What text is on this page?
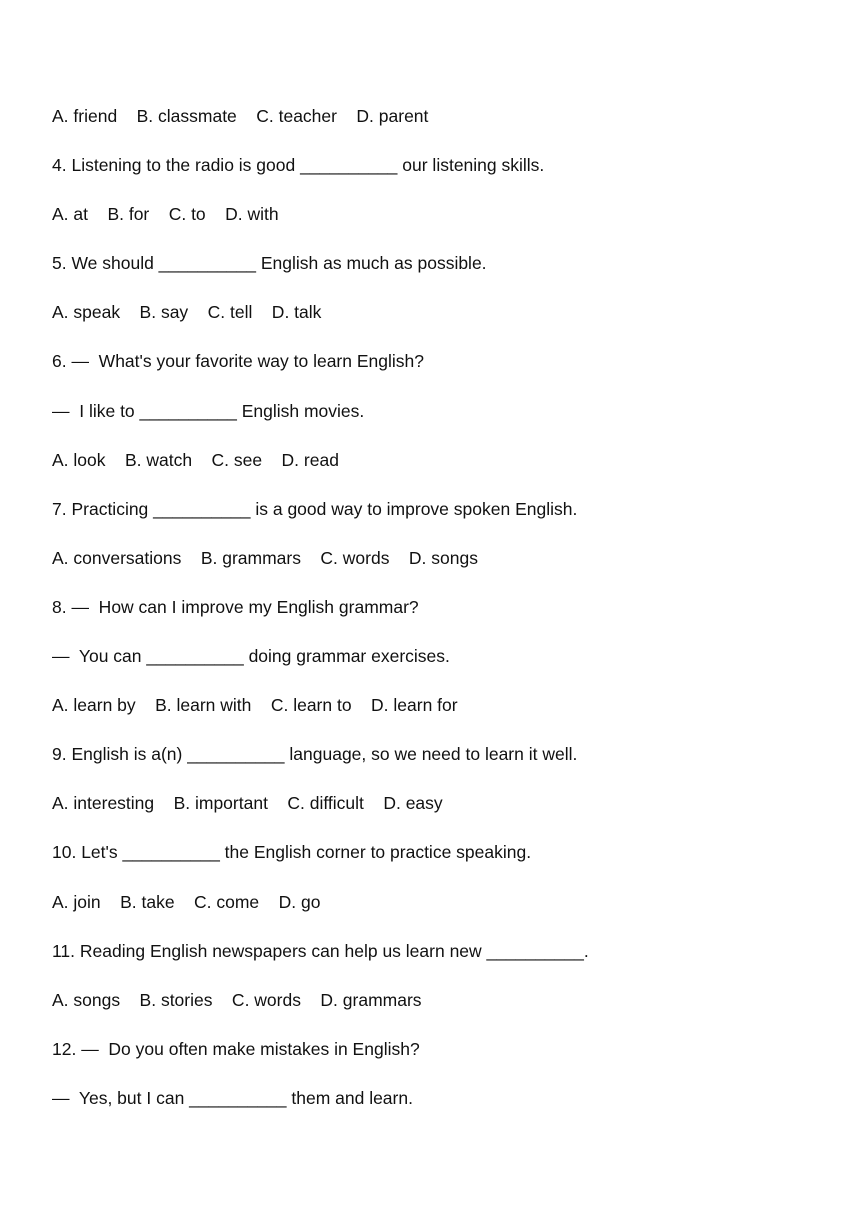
A. friend    B. classmate    C. teacher    D. parent
4. Listening to the radio is good __________ our listening skills.
A. at    B. for    C. to    D. with
5. We should __________ English as much as possible.
A. speak    B. say    C. tell    D. talk
6. —  What's your favorite way to learn English?
—  I like to __________ English movies.
A. look    B. watch    C. see    D. read
7. Practicing __________ is a good way to improve spoken English.
A. conversations    B. grammars    C. words    D. songs
8. —  How can I improve my English grammar?
—  You can __________ doing grammar exercises.
A. learn by    B. learn with    C. learn to    D. learn for
9. English is a(n) __________ language, so we need to learn it well.
A. interesting    B. important    C. difficult    D. easy
10. Let's __________ the English corner to practice speaking.
A. join    B. take    C. come    D. go
11. Reading English newspapers can help us learn new __________.
A. songs    B. stories    C. words    D. grammars
12. —  Do you often make mistakes in English?
—  Yes, but I can __________ them and learn.
